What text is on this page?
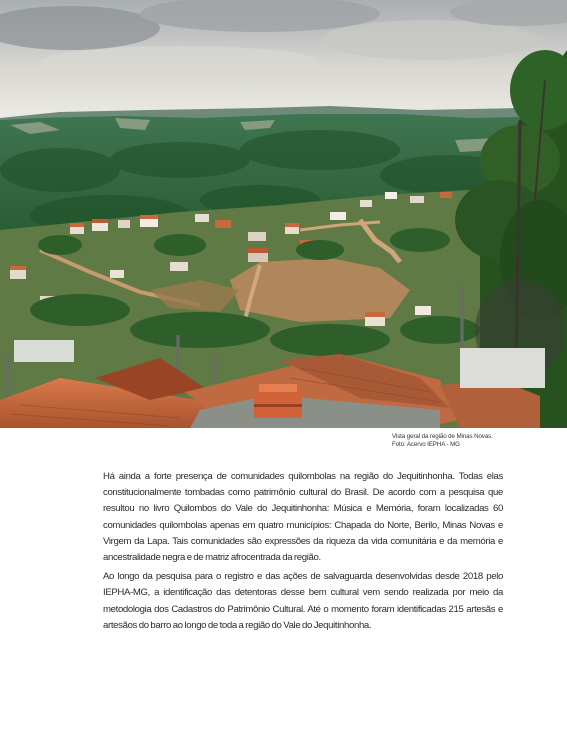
Vista geral da região de Minas Novas.
Foto: Acervo IEPHA - MG

Há ainda a forte presença de comunidades quilombolas na região do Jequitinhonha. Todas elas constitucionalmente tombadas como patrimônio cultural do Brasil. De acordo com a pesquisa que resultou no livro Quilombos do Vale do Jequitinhonha: Música e Memória, foram localizadas 60 comunidades quilombolas apenas em quatro municípios: Chapada do Norte, Berilo, Minas Novas e Virgem da Lapa. Tais comunidades são expressões da riqueza da vida comunitária e da memória e ancestralidade negra e de matriz afrocentrada da região.

Ao longo da pesquisa para o registro e das ações de salvaguarda desenvolvidas desde 2018 pelo IEPHA-MG, a identificação das detentoras desse bem cultural vem sendo realizada por meio da metodologia dos Cadastros do Patrimônio Cultural. Até o momento foram identificadas 215 artesãs e artesãos do barro ao longo de toda a região do Vale do Jequitinhonha.
